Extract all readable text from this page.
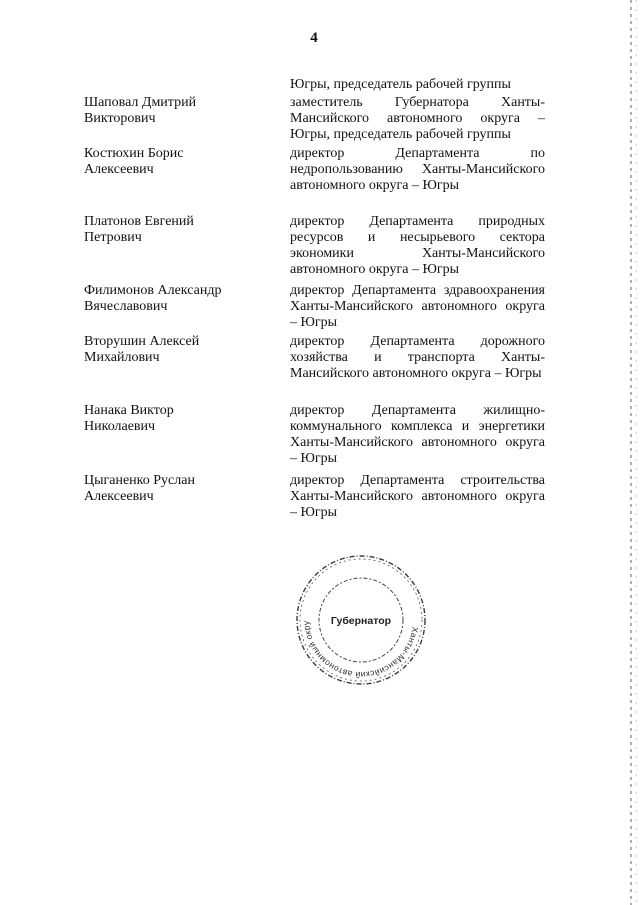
4
Югры, председатель рабочей группы
Шаповал Дмитрий
Викторович
заместитель Губернатора Ханты-Мансийского автономного округа – Югры, председатель рабочей группы
Костюхин Борис
Алексеевич
директор Департамента по недропользованию Ханты-Мансийского автономного округа – Югры
Платонов Евгений
Петрович
директор Департамента природных ресурсов и несырьевого сектора экономики Ханты-Мансийского автономного округа – Югры
Филимонов Александр
Вячеславович
директор Департамента здравоохранения Ханты-Мансийского автономного округа – Югры
Вторушин Алексей
Михайлович
директор Департамента дорожного хозяйства и транспорта Ханты-Мансийского автономного округа – Югры
Нанака Виктор
Николаевич
директор Департамента жилищно-коммунального комплекса и энергетики Ханты-Мансийского автономного округа – Югры
Цыганенко Руслан
Алексеевич
директор Департамента строительства Ханты-Мансийского автономного округа – Югры
Ханты-Мансийский автономный окру	Губернатор
